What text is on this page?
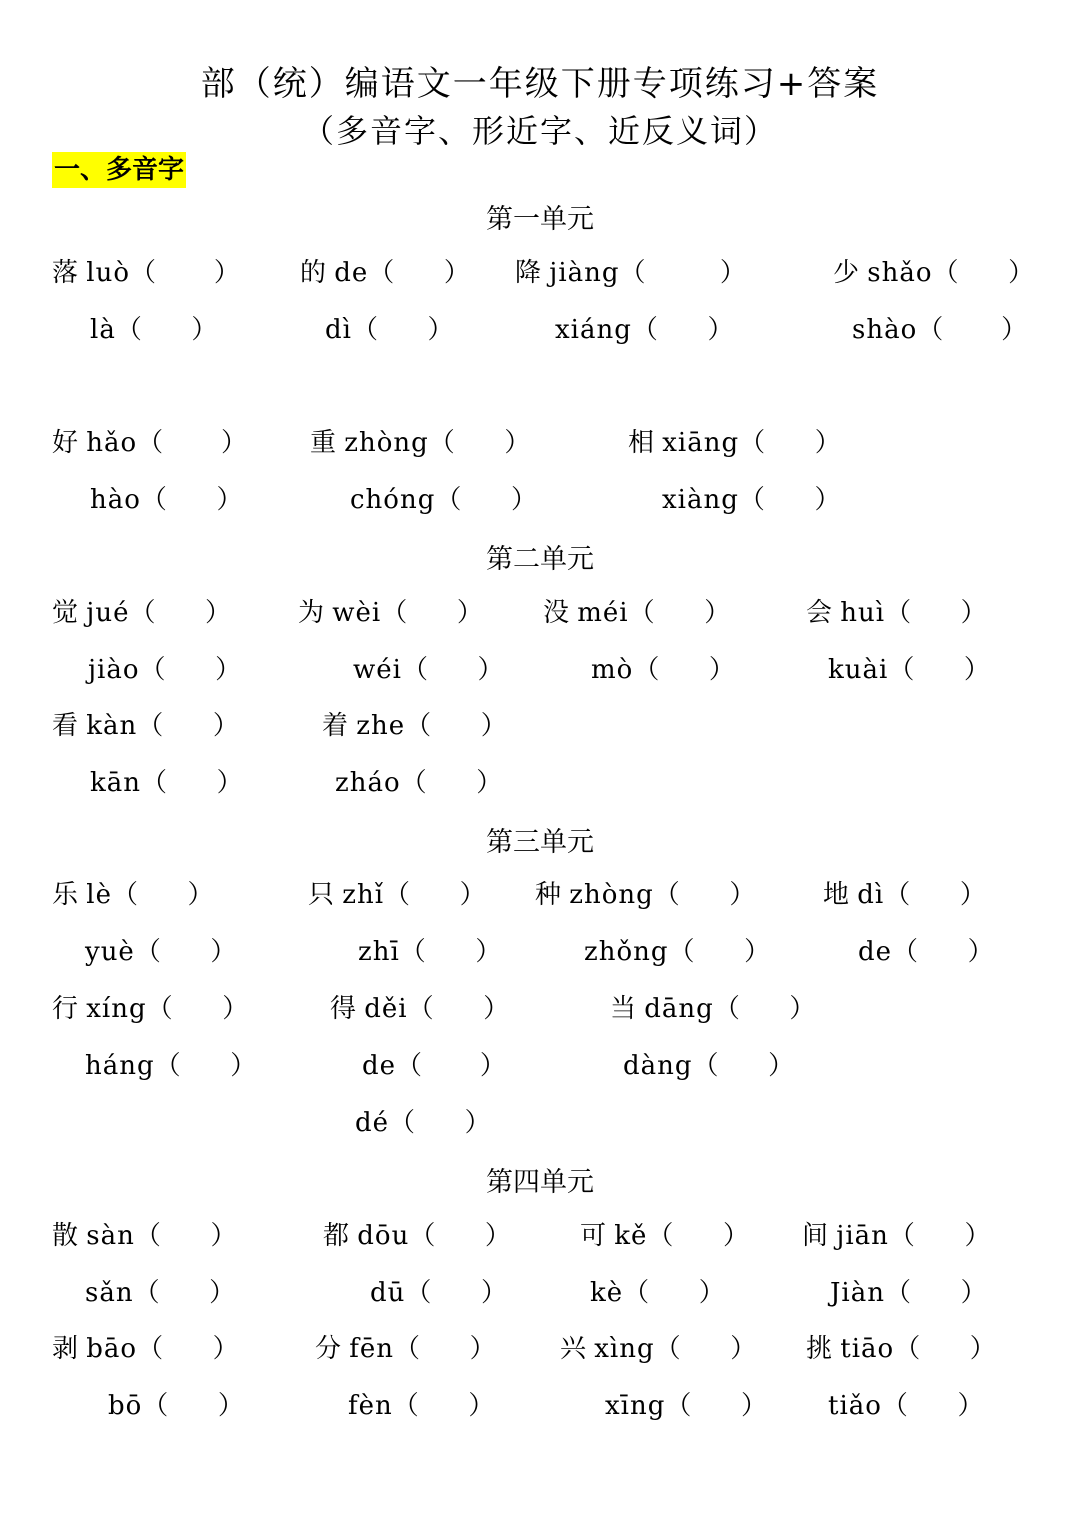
部（统）编语文一年级下册专项练习+答案
（多音字、形近字、近反义词）
一、多音字
第一单元
落 luò（       ） 的 de（      ） 降 jiàng（         ）	少 shǎo（      ）
là（      ）	dì（      ）	xiáng（      ）	shào（       ）
好 hǎo（       ） 重 zhòng（      ）	相 xiāng（      ）
hào（      ）	chóng（      ）	xiàng（      ）
第二单元
觉 jué（      ）	为 wèi（      ） 没 méi（      ）	会 huì（      ）
jiào（      ）	wéi（      ）	mò（      ）	kuài（      ）
看 kàn（      ）	着 zhe（      ）
kān（      ）	zháo（      ）
第三单元
乐 lè（      ）	只 zhǐ（      ） 种 zhòng（      ）	地 dì（      ）
yuè（      ）	zhī（      ）	zhǒng（      ）	de（      ）
行 xíng（      ）	得 děi（      ）	当 dāng（      ）
háng（      ）	de（       ）	dàng（      ）
dé（      ）
第四单元
散 sàn（      ）	都 dōu（      ）	可 kě（      ） 间 jiān（      ）
sǎn（      ）	dū（      ）	kè（      ）	Jiàn（      ）
剥 bāo（      ）	分 fēn（      ） 兴 xìng（      ） 挑 tiāo（      ）
bō（      ）	fèn（      ）	xīng（      ） tiǎo（      ）
